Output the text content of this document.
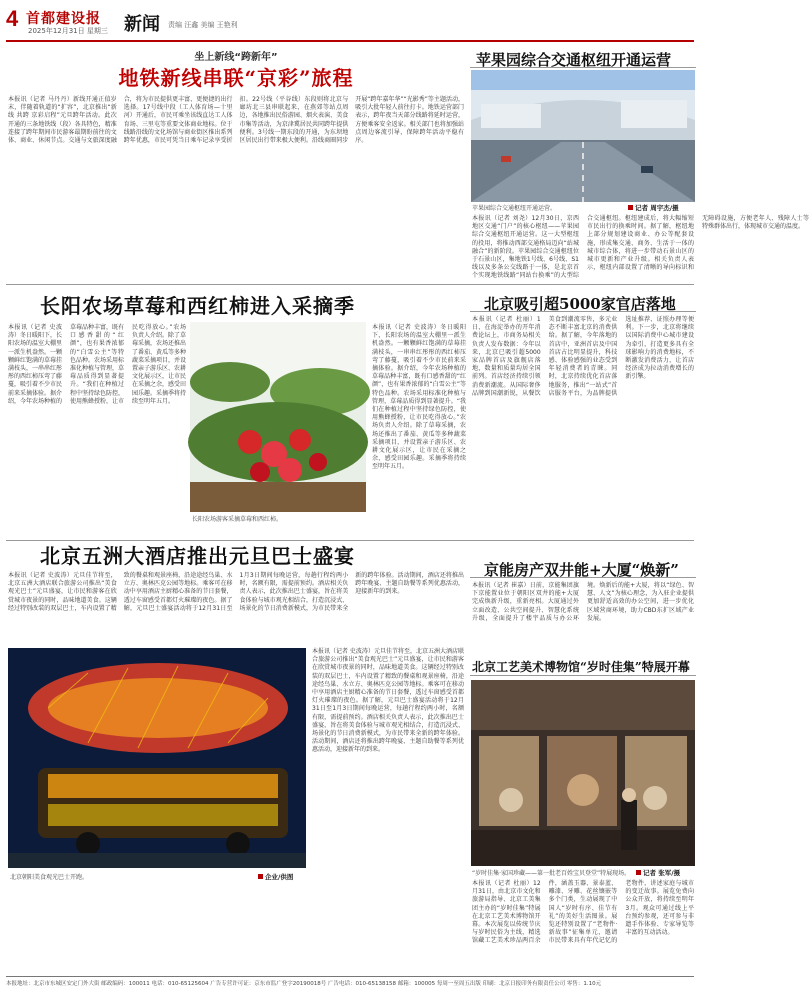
4 首都建设报
2025年12月31日 星期三 新闻 责编 汪鑫 美编 王艳利
坐上新线“跨新年”
地铁新线串联“京彩”旅程
本报讯（记者 马丹丹）新线开通正值岁末，伴随着轨道的“扩容”，北京推出“新线 共跨 京彩启程”元旦跨年活动。此次开通的三条地铁线（段）各具特色，精准连接了跨年期间市民游客最期盼前往的文体、商业、休闲节点。交通与文旅深度融合，将为市民提供更丰富、更便捷的出行选择。17号线中段（工人体育场—十里河）开通后，市民可乘坐该线直达工人体育场、三里屯等重要文体商业地标。位于线路沿线的文化场馆与商业街区推出系列跨年优惠，市民可凭当日乘车记录享受折扣。22号线（平谷线）东段则将北京与廊坊北三县串联起来，在燕郊等站点周边，各地推出民俗游园、烟火表演、美食市集等活动，为京津冀居民共同跨年提供便利。3号线一期东段的开通，为东坝地区居民出行带来极大便利。沿线商圈同步开展“跨年嘉年华”“光影秀”等主题活动，吸引大批年轻人前往打卡。地铁运营部门表示，跨年夜当天部分线路将延时运营，方便乘客安全返家。相关部门也将加强站点周边客流引导，保障跨年活动平稳有序。
苹果园综合交通枢纽开通运营
苹果园综合交通枢纽开通运营。	记者 周宇杰/摄
本报讯（记者 刘尧）12月30日，京西地区交通“门户”的核心枢纽——苹果园综合交通枢纽开通运营。这一大型枢纽的投用，将推动西部交通格局迈向“站城融合”的新阶段。苹果园综合交通枢纽位于石景山区，集地铁1号线、6号线、S1线以及多条公交线路于一体，是北京首个实现地铁线路“同站台换乘”的大型综合交通枢纽。枢纽建成后，将大幅缩短市民出行的换乘时间。据了解，枢纽地上部分规划建设商业、办公等配套设施，形成集交通、商务、生活于一体的城市综合体，将进一步带动石景山区的城市更新和产业升级。相关负责人表示，枢纽内部设置了清晰的导向标识和无障碍设施，方便老年人、残障人士等特殊群体出行，体现城市交通的温度。
长阳农场草莓和西红柿进入采摘季
本报讯（记者 史波涛）冬日暖阳下，长阳农场的温室大棚里一派生机盎然。一颗颗鲜红饱满的草莓挂满枝头，一串串红彤彤的西红柿压弯了藤蔓，吸引着不少市民前来采摘体验。据介绍，今年农场种植的草莓品种丰富，既有口感香甜的“红颜”，也有果香浓郁的“白雪公主”等特色品种。农场采用标准化种植与管理，草莓品质得到显著提升。“我们在种植过程中坚持绿色防控，使用熊蜂授粉，让市民吃得放心。”农场负责人介绍。除了草莓采摘，农场还推出了番茄、黄瓜等多种蔬菜采摘项目，并设置亲子游乐区、农耕文化展示区，让市民在采摘之余，感受田园乐趣。采摘季将持续至明年五月。
长阳农场游客采摘草莓和西红柿。
本报讯（记者 史波涛）冬日暖阳下，长阳农场的温室大棚里一派生机盎然。一颗颗鲜红饱满的草莓挂满枝头，一串串红彤彤的西红柿压弯了藤蔓，吸引着不少市民前来采摘体验。据介绍，今年农场种植的草莓品种丰富，既有口感香甜的“红颜”，也有果香浓郁的“白雪公主”等特色品种。农场采用标准化种植与管理，草莓品质得到显著提升。“我们在种植过程中坚持绿色防控，使用熊蜂授粉，让市民吃得放心。”农场负责人介绍。除了草莓采摘，农场还推出了番茄、黄瓜等多种蔬菜采摘项目，并设置亲子游乐区、农耕文化展示区，让市民在采摘之余，感受田园乐趣。采摘季将持续至明年五月。
北京吸引超5000家官店落地
本报讯（记者 杜丽）1日，在海淀举办的开年消费论坛上，市商务局相关负责人发布数据：今年以来，北京已吸引超5000家品牌首店及旗舰店落地，数量和质量均居全国前列。首店经济持续引领消费新潮流。从国际奢侈品牌到国潮新锐，从餐饮美食到潮流零售，多元业态不断丰富北京的消费供给。据了解，今年落地的首店中，亚洲首店及中国首店占比明显提升，科技感、体验感强的业态受到年轻消费者的青睐。同时，北京持续优化首店落地服务，推出“一站式”首店服务平台，为品牌提供选址推荐、证照办理等便利。下一步，北京将继续以国际消费中心城市建设为牵引，打造更多具有全球影响力的消费地标，不断激发消费活力，让首店经济成为拉动消费增长的新引擎。
北京五洲大酒店推出元旦巴士盛宴
本报讯（记者 史波涛）元旦佳节将至，北京五洲大酒店联合旅游公司推出“美食观光巴士”元旦盛宴，让市民和游客在欣赏城市夜景的同时，品味地道美食。这辆经过特别改装的双层巴士，车内设置了精致的餐桌和观景座椅，沿途途经鸟巢、水立方、奥林匹克公园等地标。乘客可在移动中享用酒店主厨精心准备的节日套餐，透过车窗感受首都灯火璀璨的夜色。据了解，元旦巴士盛宴活动将于12月31日至1月3日期间每晚运营，每趟行程约两小时，名额有限，需提前预约。酒店相关负责人表示，此次推出巴士盛宴，旨在将美食体验与城市观光相结合，打造沉浸式、场景化的节日消费新模式，为市民带来全新的跨年体验。活动期间，酒店还将推出跨年晚宴、主题自助餐等系列优惠活动，迎接新年的到来。
北京朝阳美食观光巴士开跑。	企业/供图
本报讯（记者 史波涛）元旦佳节将至，北京五洲大酒店联合旅游公司推出“美食观光巴士”元旦盛宴，让市民和游客在欣赏城市夜景的同时，品味地道美食。这辆经过特别改装的双层巴士，车内设置了精致的餐桌和观景座椅，沿途途经鸟巢、水立方、奥林匹克公园等地标。乘客可在移动中享用酒店主厨精心准备的节日套餐，透过车窗感受首都灯火璀璨的夜色。据了解，元旦巴士盛宴活动将于12月31日至1月3日期间每晚运营，每趟行程约两小时，名额有限，需提前预约。酒店相关负责人表示，此次推出巴士盛宴，旨在将美食体验与城市观光相结合，打造沉浸式、场景化的节日消费新模式，为市民带来全新的跨年体验。活动期间，酒店还将推出跨年晚宴、主题自助餐等系列优惠活动，迎接新年的到来。
京能房产双井能+大厦“焕新”
本报讯（记者 崔嘉）日前，京能集团旗下京能置业位于朝阳区双井的能+大厦完成焕新升级，重新亮相。大厦通过外立面改造、公共空间提升、智慧化系统升级，全面提升了楼宇品质与办公环境。焕新后的能+大厦，将以“绿色、智慧、人文”为核心理念，为入驻企业提供更加舒适高效的办公空间，进一步优化区域营商环境，助力CBD东扩区域产业发展。
北京工艺美术博物馆“岁时佳集”特展开幕
“岁时佳集·家国珍藏——第一批老百姓宝贝登堂”特展现场。	记者 张军/摄
本报讯（记者 杜丽）12月31日，由北京市文化和旅游局指导、北京工美集团主办的“岁时佳集”特展在北京工艺美术博物馆开幕。本次展览以传统节庆与岁时民俗为主线，精选馆藏工艺美术珍品两百余件，涵盖玉器、景泰蓝、雕漆、牙雕、花丝镶嵌等多个门类，生动展现了中国人“岁时有序、佳节有礼”的美好生活图景。展览还特别设置了“老物件·新故事”征集单元，邀请市民带来具有年代记忆的老物件，讲述家庭与城市的变迁故事。展览免费向公众开放，将持续至明年3月。观众可通过线上平台预约参观，还可参与非遗手作体验、专家导览等丰富的互动活动。
本报地址：北京市东城区安定门外大街 邮政编码：100011 电话：010-65125604 广告专营许可证：京东市监广登字20190018号 广告电话：010-65138158 邮箱：100005 每周一至周五出版 印刷：北京日报印务有限责任公司 零售：1.10元
